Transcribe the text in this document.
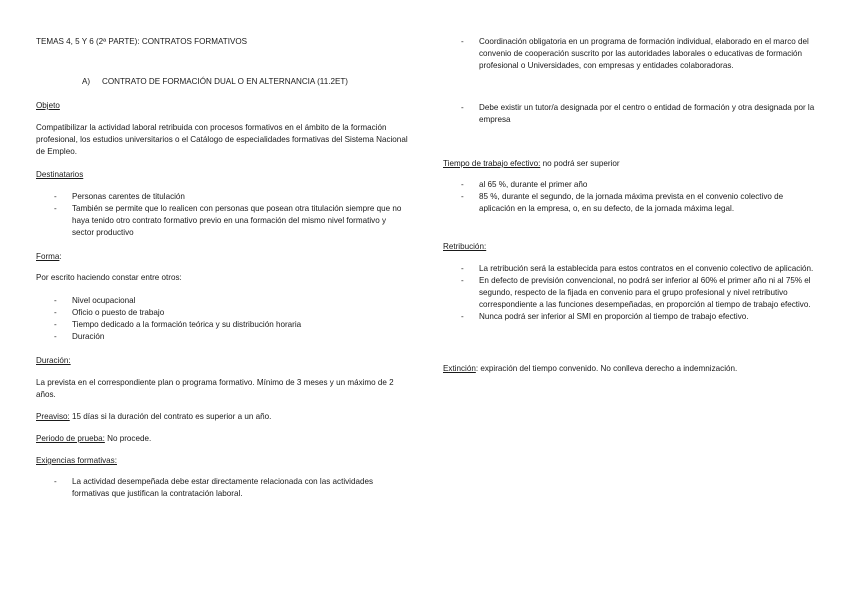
TEMAS 4, 5 Y 6 (2ª PARTE): CONTRATOS FORMATIVOS

A) CONTRATO DE FORMACIÓN DUAL O EN ALTERNANCIA (11.2ET)

Objeto

Compatibilizar la actividad laboral retribuida con procesos formativos en el ámbito de la formación profesional, los estudios universitarios o el Catálogo de especialidades formativas del Sistema Nacional de Empleo.

Destinatarios

- Personas carentes de titulación
- También se permite que lo realicen con personas que posean otra titulación siempre que no haya tenido otro contrato formativo previo en una formación del mismo nivel formativo y sector productivo

Forma:

Por escrito haciendo constar entre otros:

- Nivel ocupacional
- Oficio o puesto de trabajo
- Tiempo dedicado a la formación teórica y su distribución horaria
- Duración

Duración:

La prevista en el correspondiente plan o programa formativo. Mínimo de 3 meses y un máximo de 2 años.

Preaviso: 15 días si la duración del contrato es superior a un año.

Periodo de prueba: No procede.

Exigencias formativas:

- La actividad desempeñada debe estar directamente relacionada con las actividades formativas que justifican la contratación laboral.
- Coordinación obligatoria en un programa de formación individual, elaborado en el marco del convenio de cooperación suscrito por las autoridades laborales o educativas de formación profesional o Universidades, con empresas y entidades colaboradoras.
- Debe existir un tutor/a designada por el centro o entidad de formación y otra designada por la empresa

Tiempo de trabajo efectivo: no podrá ser superior

- al 65 %, durante el primer año
- 85 %, durante el segundo, de la jornada máxima prevista en el convenio colectivo de aplicación en la empresa, o, en su defecto, de la jornada máxima legal.

Retribución:

- La retribución será la establecida para estos contratos en el convenio colectivo de aplicación.
- En defecto de previsión convencional, no podrá ser inferior al 60% el primer año ni al 75% el segundo, respecto de la fijada en convenio para el grupo profesional y nivel retributivo correspondiente a las funciones desempeñadas, en proporción al tiempo de trabajo efectivo.
- Nunca podrá ser inferior al SMI en proporción al tiempo de trabajo efectivo.

Extinción: expiración del tiempo convenido. No conlleva derecho a indemnización.
